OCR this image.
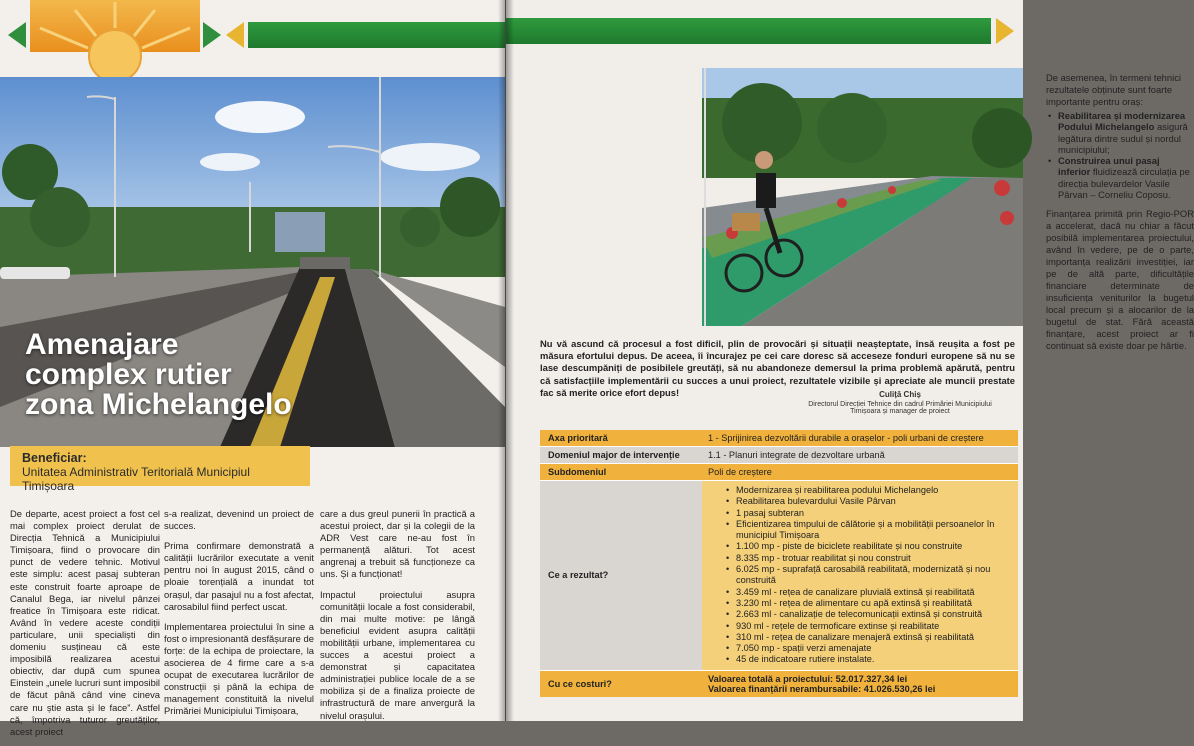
Amenajare
complex rutier
zona Michelangelo
Beneficiar:
Unitatea Administrativ Teritorială Municipiul Timișoara

De departe, acest proiect a fost cel mai complex proiect derulat de Direcția Tehnică a Municipiului Timișoara, fiind o provocare din punct de vedere tehnic. Motivul este simplu: acest pasaj subteran este construit foarte aproape de Canalul Bega, iar nivelul pânzei freatice în Timișoara este ridicat. Având în vedere aceste condiții particulare, unii specialiști din domeniu susțineau că este imposibilă realizarea acestui obiectiv, dar după cum spunea Einstein „unele lucruri sunt imposibil de făcut până când vine cineva care nu știe asta și le face”. Astfel că, împotriva tuturor greutăților, acest proiect

s-a realizat, devenind un proiect de succes.

Prima confirmare demonstrată a calității lucrărilor executate a venit pentru noi în august 2015, când o ploaie torențială a inundat tot orașul, dar pasajul nu a fost afectat, carosabilul fiind perfect uscat.

Implementarea proiectului în sine a fost o impresionantă desfășurare de forțe: de la echipa de proiectare, la asocierea de 4 firme care a s-a ocupat de executarea lucrărilor de construcții și până la echipa de management constituită la nivelul Primăriei Municipiului Timișoara,

care a dus greul punerii în practică a acestui proiect, dar și la colegii de la ADR Vest care ne-au fost în permanență alături. Tot acest angrenaj a trebuit să funcționeze ca uns. Și a funcționat!

Impactul proiectului asupra comunității locale a fost considerabil, din mai multe motive: pe lângă beneficiul evident asupra calității mobilității urbane, implementarea cu succes a acestui proiect a demonstrat și capacitatea administrației publice locale de a se mobiliza și de a finaliza proiecte de infrastructură de mare anvergură la nivelul orașului.

De asemenea, în termeni tehnici rezultatele obținute sunt foarte importante pentru oraș:

• Reabilitarea și modernizarea Podului Michelangelo asigură legătura dintre sudul și nordul municipiului;
• Construirea unui pasaj inferior fluidizează circulația pe direcția bulevardelor Vasile Pârvan – Corneliu Coposu.
Finanțarea primită prin Regio-POR a accelerat, dacă nu chiar a făcut posibilă implementarea proiectului, având în vedere, pe de o parte, importanța realizării investiției, iar pe de altă parte, dificultățile financiare determinate de insuficiența veniturilor la bugetul local precum și a alocarilor de la bugetul de stat. Fără această finanțare, acest proiect ar fi continuat să existe doar pe hârtie.
Nu vă ascund că procesul a fost dificil, plin de provocări și situații neașteptate, însă reușita a fost pe măsura efortului depus. De aceea, îi încurajez pe cei care doresc să acceseze fonduri europene să nu se lase descumpăniți de posibilele greutăți, să nu abandoneze demersul la prima problemă apărută, pentru că satisfacțiile implementării cu succes a unui proiect, rezultatele vizibile și apreciate ale muncii prestate fac să merite orice efort depus!	Culiță Chiș
Directorul Direcției Tehnice din cadrul Primăriei Municipiului Timișoara și manager de proiect
Axa prioritară	1 - Sprijinirea dezvoltării durabile a orașelor - poli urbani de creștere
Domeniul major de intervenție	1.1 - Planuri integrate de dezvoltare urbană
Subdomeniul	Poli de creștere
Ce a rezultat?
• Modernizarea și reabilitarea podului Michelangelo
• Reabilitarea bulevardului Vasile Pârvan
• 1 pasaj subteran
• Eficientizarea timpului de călătorie și a mobilității persoanelor în municipiul Timișoara
• 1.100 mp - piste de biciclete reabilitate și nou construite
• 8.335 mp - trotuar reabilitat și nou construit
• 6.025 mp - suprafață carosabilă reabilitată, modernizată și nou construită
• 3.459 ml - rețea de canalizare pluvială extinsă și reabilitată
• 3.230 ml - rețea de alimentare cu apă extinsă și reabilitată
• 2.663 ml - canalizație de telecomunicații extinsă și construită
• 930 ml - rețele de termoficare extinse și reabilitate
• 310 ml - rețea de canalizare menajeră extinsă și reabilitată
• 7.050 mp - spații verzi amenajate
• 45 de indicatoare rutiere instalate.
Cu ce costuri?	Valoarea totală a proiectului: 52.017.327,34 lei
Valoarea finanțării nerambursabile: 41.026.530,26 lei
